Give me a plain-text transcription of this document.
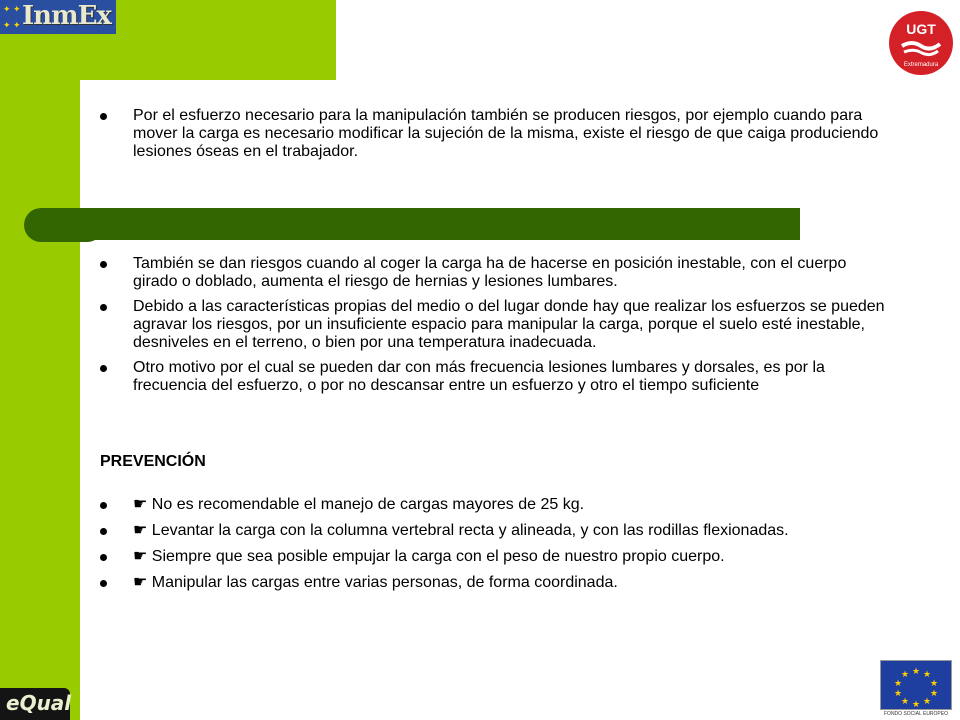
✦ ✦
✦ ✦ InmEx	UGT
Extremadura
Por el esfuerzo necesario para la manipulación también se producen riesgos, por ejemplo cuando para mover la carga es necesario modificar la sujeción de la misma, existe el riesgo de que caiga produciendo lesiones óseas en el trabajador.
También se dan riesgos cuando al coger la carga ha de hacerse en posición inestable, con el cuerpo girado o doblado, aumenta el riesgo de hernias y lesiones lumbares.
Debido a las características propias del medio o del lugar donde hay que realizar los esfuerzos se pueden agravar los riesgos, por un insuficiente espacio para manipular la carga, porque el suelo esté inestable, desniveles en el terreno, o bien por una temperatura inadecuada.
Otro motivo por el cual se pueden dar con más frecuencia lesiones lumbares y dorsales, es por la frecuencia del esfuerzo, o por no descansar entre un esfuerzo y otro el tiempo suficiente
PREVENCIÓN
☛ No es recomendable el manejo de cargas mayores de 25 kg.
☛ Levantar la carga con la columna vertebral recta y alineada, y con las rodillas flexionadas.
☛ Siempre que sea posible empujar la carga con el peso de nuestro propio cuerpo.
☛ Manipular las cargas entre varias personas, de forma coordinada.
eQual
★ ★
★
★
★
★
★
★
★
★
FONDO SOCIAL EUROPEO
